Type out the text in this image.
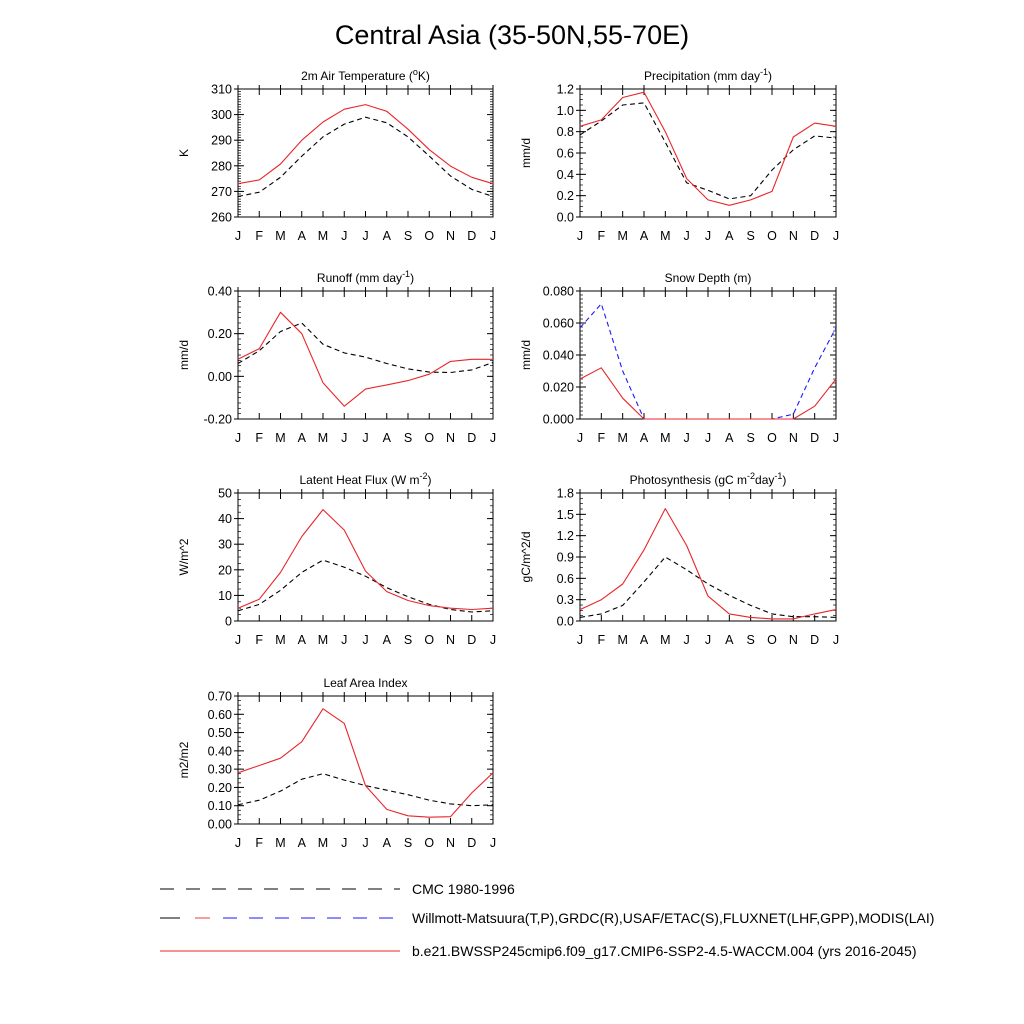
Central Asia (35-50N,55-70E)
2m Air Temperature ($^o$K)
K
260
270
280
290
300
310
J F M A M J J A S O N D J
Precipitation (mm day$^{-1}$)
mm/d
0.0
0.2
0.4
0.6
0.8
1.0
1.2
J F M A M J J A S O N D J
Runoff (mm day$^{-1}$)
mm/d
-0.20
0.00
0.20
0.40
J F M A M J J A S O N D J
Snow Depth (m)
mm/d
0.000
0.020
0.040
0.060
0.080
J F M A M J J A S O N D J
Latent Heat Flux (W $m^{-2}$)
W/m^2
0
10
20
30
40
50
J F M A M J J A S O N D J
Photosynthesis (gC $m^{-2}day^{-1}$)
gC/m^2/d
0.0
0.3
0.6
0.9
1.2
1.5
1.8
J F M A M J J A S O N D J
Leaf Area Index
m2/m2
0.00
0.10
0.20
0.30
0.40
0.50
0.60
0.70
J F M A M J J A S O N D J
CMC 1980-1996
Willmott-Matsuura(T,P),GRDC(R),USAF/ETAC(S),FLUXNET(LHF,GPP),MODIS(LAI)
b.e21.BWSSP245cmip6.f09_g17.CMIP6-SSP2-4.5-WACCM.004 (yrs 2016-2045)
